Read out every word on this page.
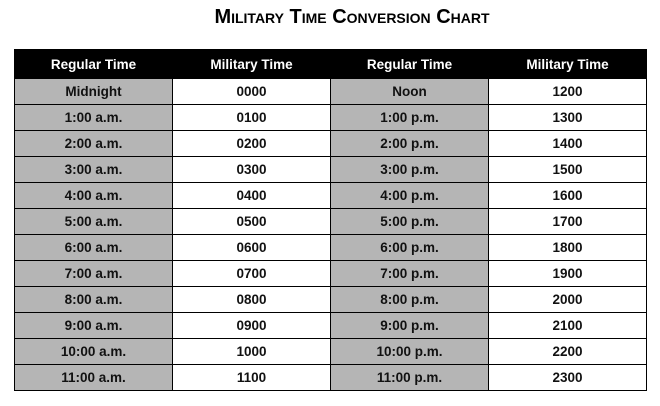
Military Time Conversion Chart
Regular Time	Military Time	Regular Time	Military Time
Midnight	0000	Noon	1200
1:00 a.m.	0100	1:00 p.m.	1300
2:00 a.m.	0200	2:00 p.m.	1400
3:00 a.m.	0300	3:00 p.m.	1500
4:00 a.m.	0400	4:00 p.m.	1600
5:00 a.m.	0500	5:00 p.m.	1700
6:00 a.m.	0600	6:00 p.m.	1800
7:00 a.m.	0700	7:00 p.m.	1900
8:00 a.m.	0800	8:00 p.m.	2000
9:00 a.m.	0900	9:00 p.m.	2100
10:00 a.m.	1000	10:00 p.m.	2200
11:00 a.m.	1100	11:00 p.m.	2300
